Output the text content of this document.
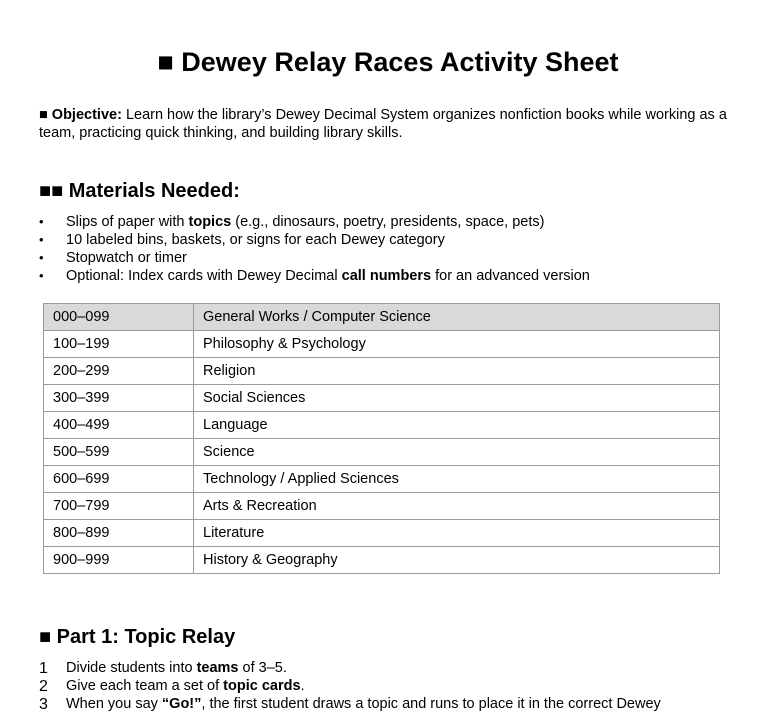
■ Dewey Relay Races Activity Sheet
■ Objective: Learn how the library’s Dewey Decimal System organizes nonfiction books while working as a team, practicing quick thinking, and building library skills.
■■ Materials Needed:
• Slips of paper with topics (e.g., dinosaurs, poetry, presidents, space, pets)
• 10 labeled bins, baskets, or signs for each Dewey category
• Stopwatch or timer
• Optional: Index cards with Dewey Decimal call numbers for an advanced version
000–099	General Works / Computer Science
100–199	Philosophy & Psychology
200–299	Religion
300–399	Social Sciences
400–499	Language
500–599	Science
600–699	Technology / Applied Sciences
700–799	Arts & Recreation
800–899	Literature
900–999	History & Geography
■ Part 1: Topic Relay
1 Divide students into teams of 3–5.
2 Give each team a set of topic cards.
3 When you say “Go!”, the first student draws a topic and runs to place it in the correct Dewey
